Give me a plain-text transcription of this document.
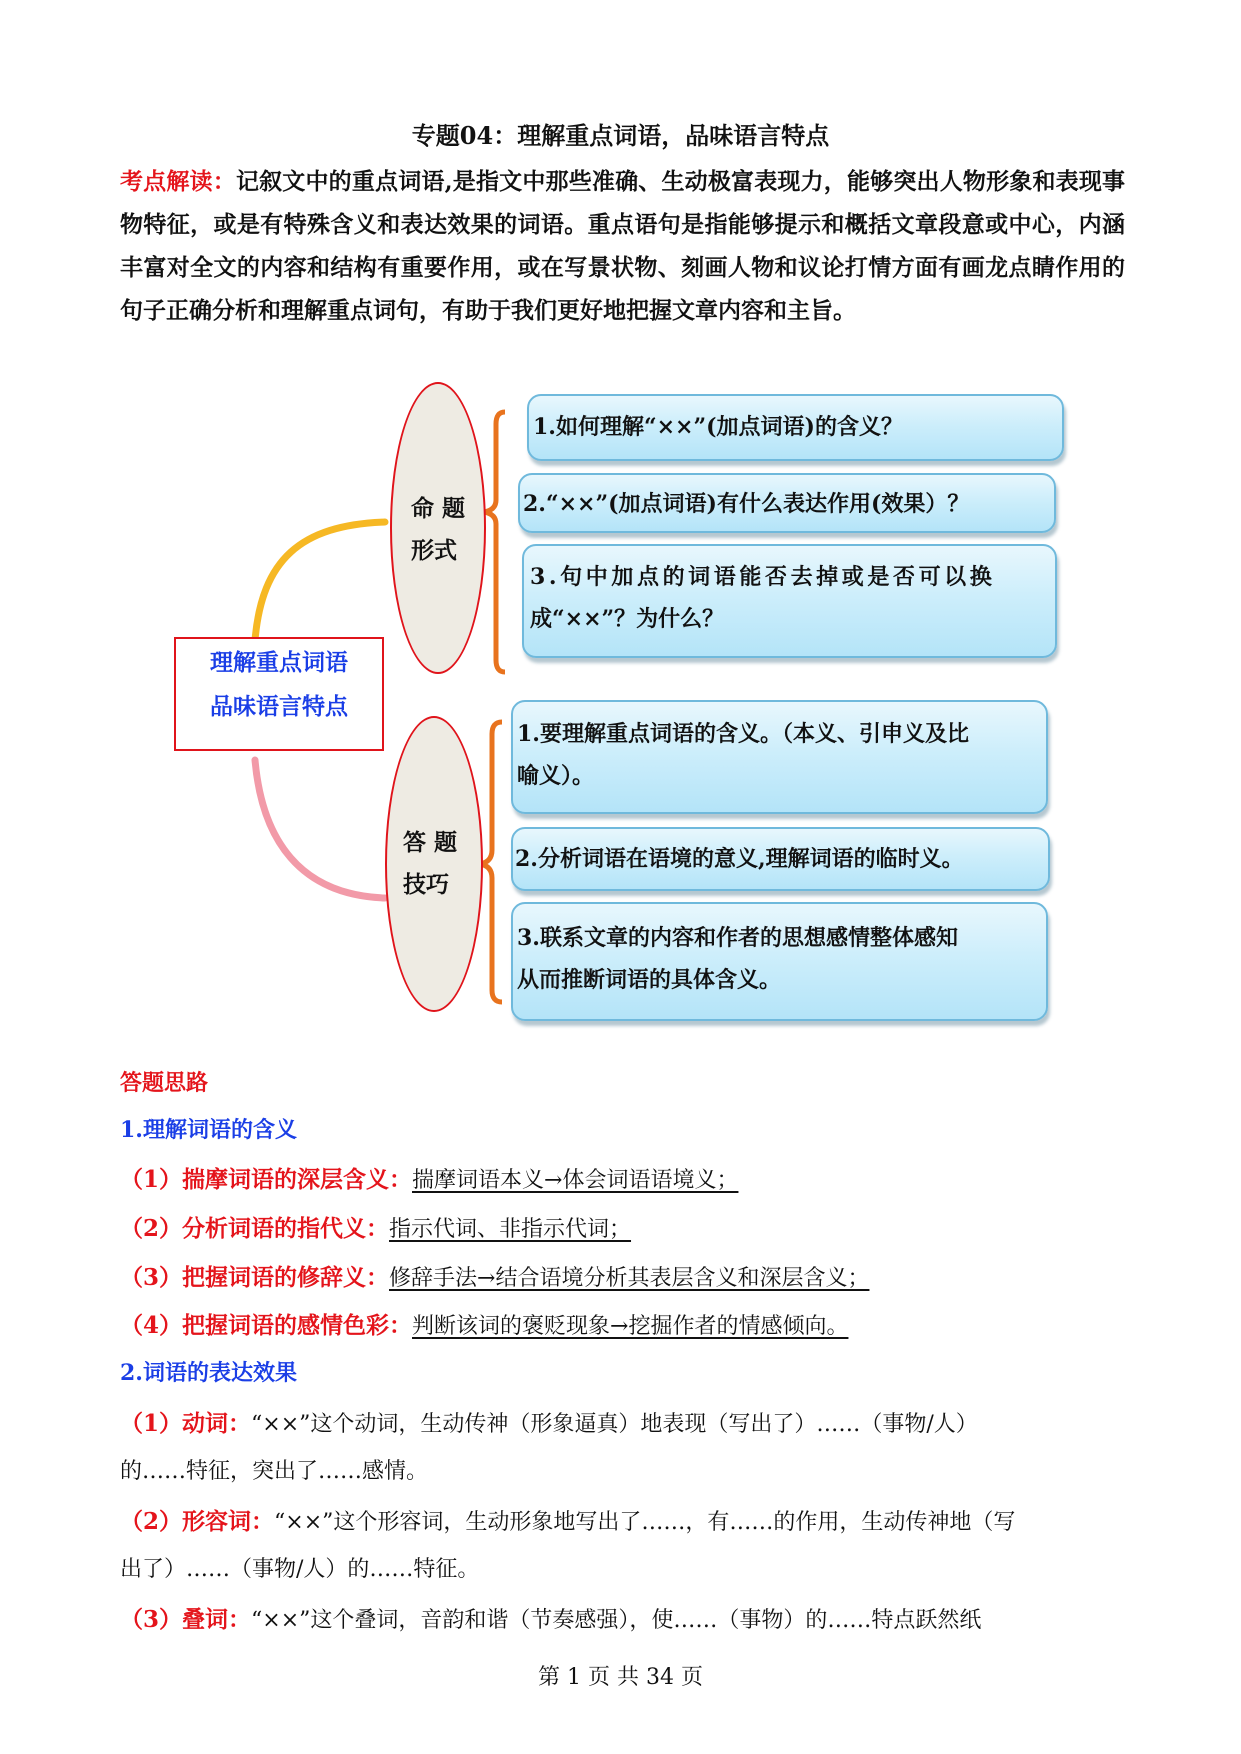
专题04：理解重点词语，品味语言特点
考点解读：记叙文中的重点词语,是指文中那些准确、生动极富表现力，能够突出人物形象和表现事物特征，或是有特殊含义和表达效果的词语。重点语句是指能够提示和概括文章段意或中心，内涵丰富对全文的内容和结构有重要作用，或在写景状物、刻画人物和议论打情方面有画龙点睛作用的句子正确分析和理解重点词句，有助于我们更好地把握文章内容和主旨。
命 题
形式
答 题
技巧
理解重点词语
品味语言特点
1.如何理解“××”(加点词语)的含义？
2.“××”(加点词语)有什么表达作用(效果）？
3.句中加点的词语能否去掉或是否可以换
成“××”？为什么？
1.要理解重点词语的含义。（本义、引申义及比
喻义）。
2.分析词语在语境的意义,理解词语的临时义。
3.联系文章的内容和作者的思想感情整体感知
从而推断词语的具体含义。
答题思路
1.理解词语的含义
（1）揣摩词语的深层含义：揣摩词语本义→体会词语语境义；
（2）分析词语的指代义：指示代词、非指示代词；
（3）把握词语的修辞义：修辞手法→结合语境分析其表层含义和深层含义；
（4）把握词语的感情色彩：判断该词的褒贬现象→挖掘作者的情感倾向。
2.词语的表达效果
（1）动词：“××”这个动词，生动传神（形象逼真）地表现（写出了）……（事物/人）
的……特征，突出了……感情。
（2）形容词：“××”这个形容词，生动形象地写出了……，有……的作用，生动传神地（写
出了）……（事物/人）的……特征。
（3）叠词：“××”这个叠词，音韵和谐（节奏感强），使……（事物）的……特点跃然纸
第 1 页 共 34 页
